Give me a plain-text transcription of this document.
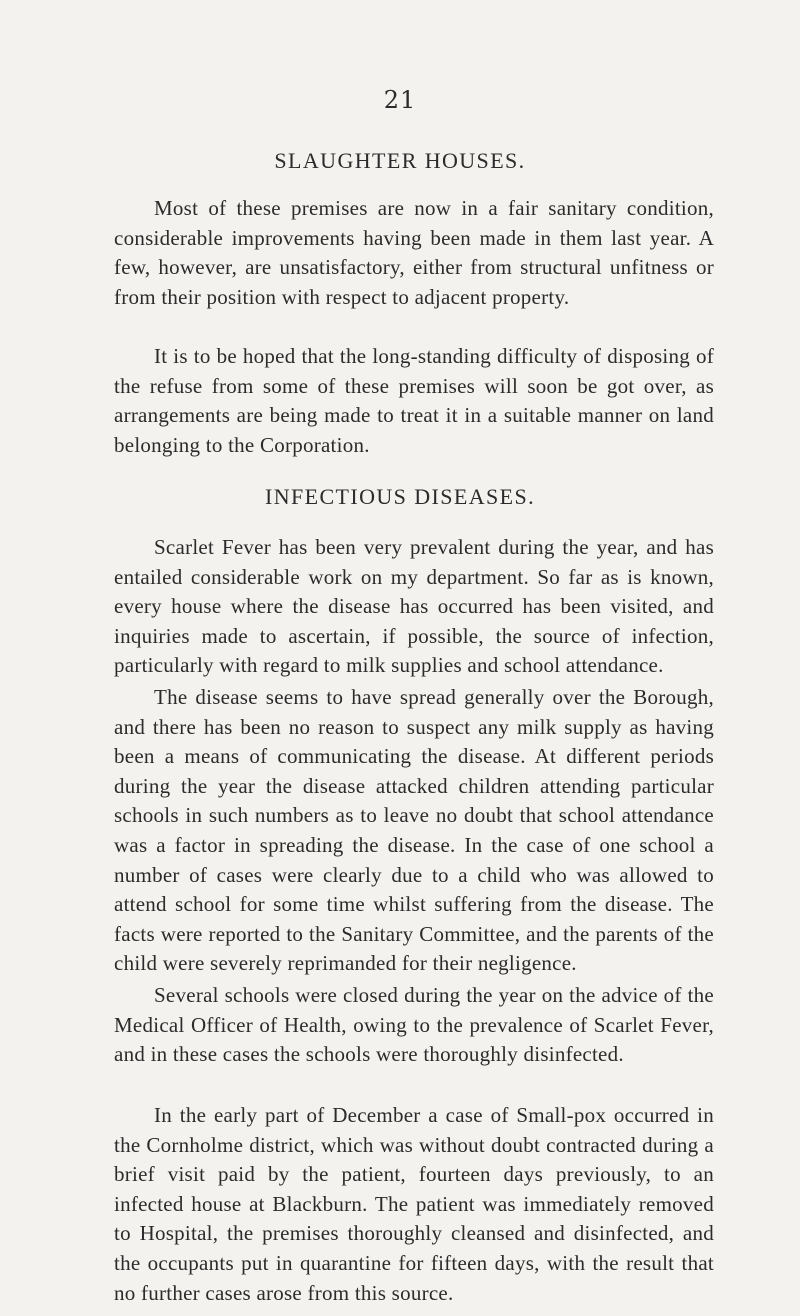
21
SLAUGHTER HOUSES.

Most of these premises are now in a fair sanitary condition, considerable improvements having been made in them last year. A few, however, are unsatisfactory, either from structural unfitness or from their position with respect to adjacent property.

It is to be hoped that the long-standing difficulty of disposing of the refuse from some of these premises will soon be got over, as arrangements are being made to treat it in a suitable manner on land belonging to the Corporation.

INFECTIOUS DISEASES.

Scarlet Fever has been very prevalent during the year, and has entailed considerable work on my department. So far as is known, every house where the disease has occurred has been visited, and inquiries made to ascertain, if possible, the source of infection, particularly with regard to milk supplies and school attendance.

The disease seems to have spread generally over the Borough, and there has been no reason to suspect any milk supply as having been a means of communicating the disease. At different periods during the year the disease attacked children attending particular schools in such numbers as to leave no doubt that school attendance was a factor in spreading the disease. In the case of one school a number of cases were clearly due to a child who was allowed to attend school for some time whilst suffering from the disease. The facts were reported to the Sanitary Committee, and the parents of the child were severely reprimanded for their negligence.

Several schools were closed during the year on the advice of the Medical Officer of Health, owing to the prevalence of Scarlet Fever, and in these cases the schools were thoroughly disinfected.

In the early part of December a case of Small-pox occurred in the Cornholme district, which was without doubt contracted during a brief visit paid by the patient, fourteen days previously, to an infected house at Blackburn. The patient was immediately removed to Hospital, the premises thoroughly cleansed and disinfected, and the occupants put in quarantine for fifteen days, with the result that no further cases arose from this source.
